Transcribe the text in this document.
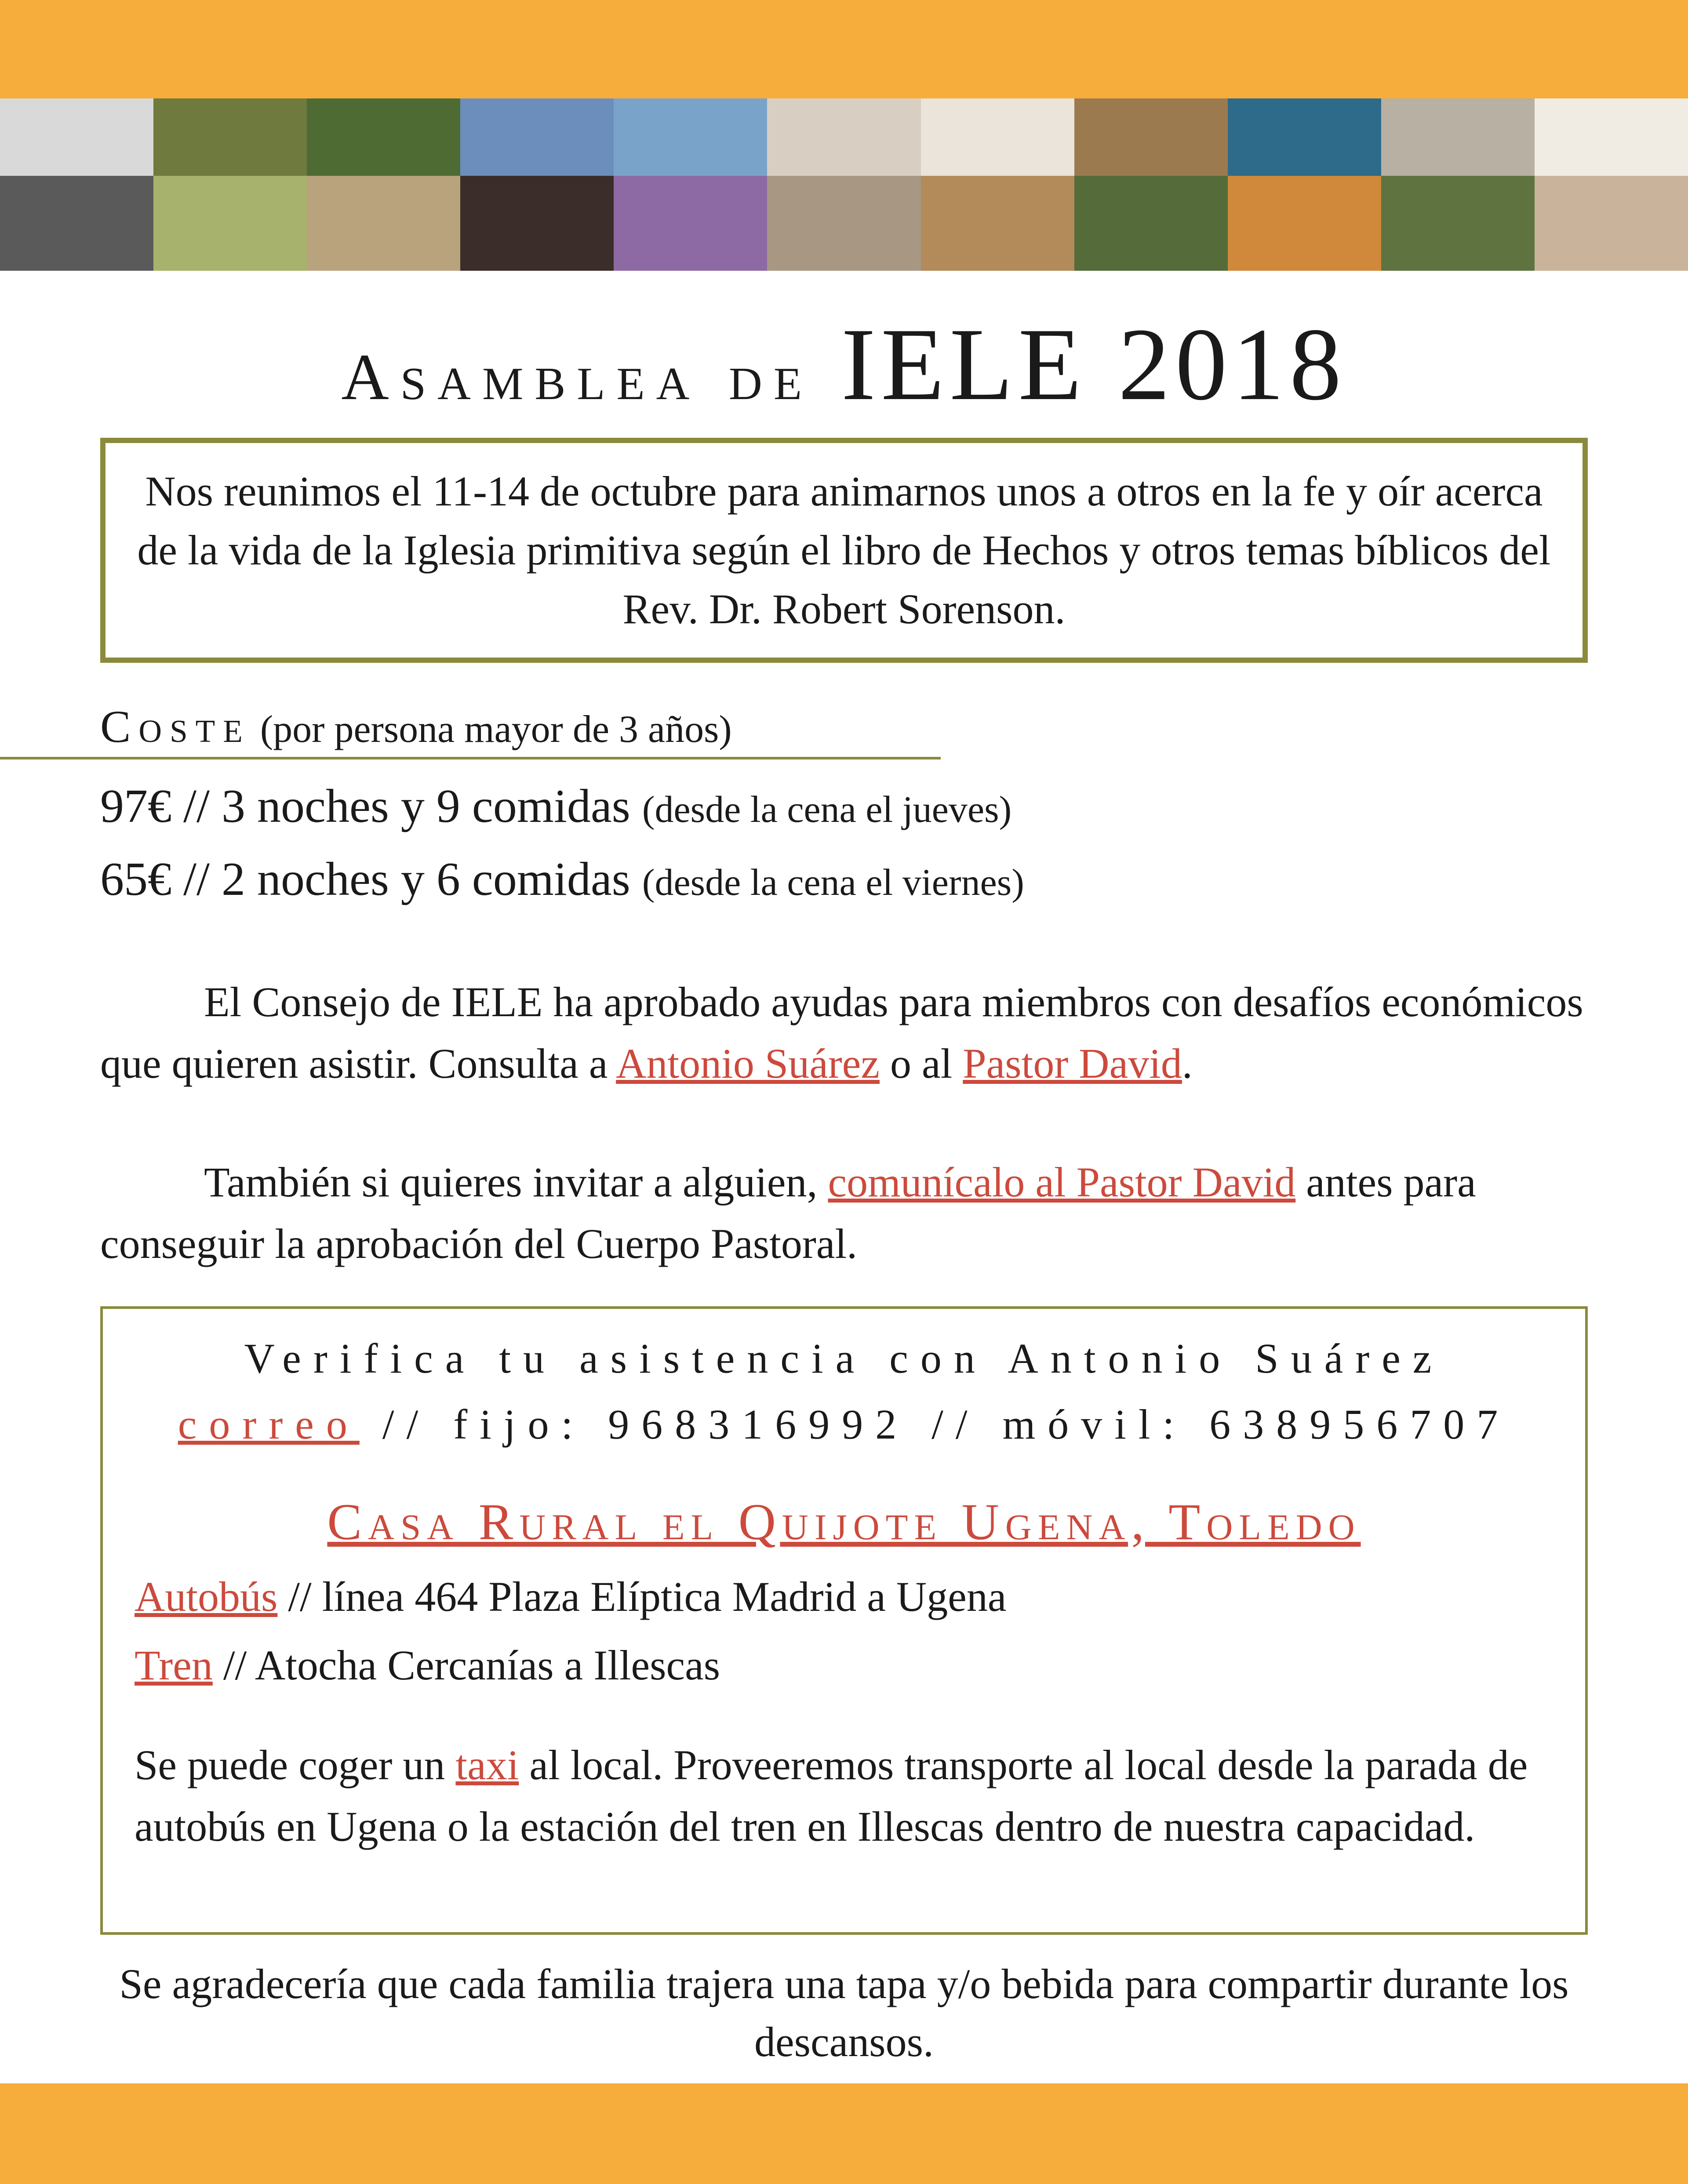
Asamblea de IELE 2018
Nos reunimos el 11-14 de octubre para animarnos unos a otros en la fe y oír acerca de la vida de la Iglesia primitiva según el libro de Hechos y otros temas bíblicos del Rev. Dr. Robert Sorenson.
Coste (por persona mayor de 3 años)
97€ // 3 noches y 9 comidas (desde la cena el jueves)
65€ // 2 noches y 6 comidas (desde la cena el viernes)
El Consejo de IELE ha aprobado ayudas para miembros con desafíos económicos que quieren asistir. Consulta a Antonio Suárez o al Pastor David.
También si quieres invitar a alguien, comunícalo al Pastor David antes para conseguir la aprobación del Cuerpo Pastoral.
Verifica tu asistencia con Antonio Suárez
correo // fijo: 968316992 // móvil: 638956707
Casa Rural el Quijote Ugena, Toledo
Autobús // línea 464 Plaza Elíptica Madrid a Ugena
Tren // Atocha Cercanías a Illescas
Se puede coger un taxi al local. Proveeremos transporte al local desde la parada de autobús en Ugena o la estación del tren en Illescas dentro de nuestra capacidad.
Se agradecería que cada familia trajera una tapa y/o bebida para compartir durante los descansos.
